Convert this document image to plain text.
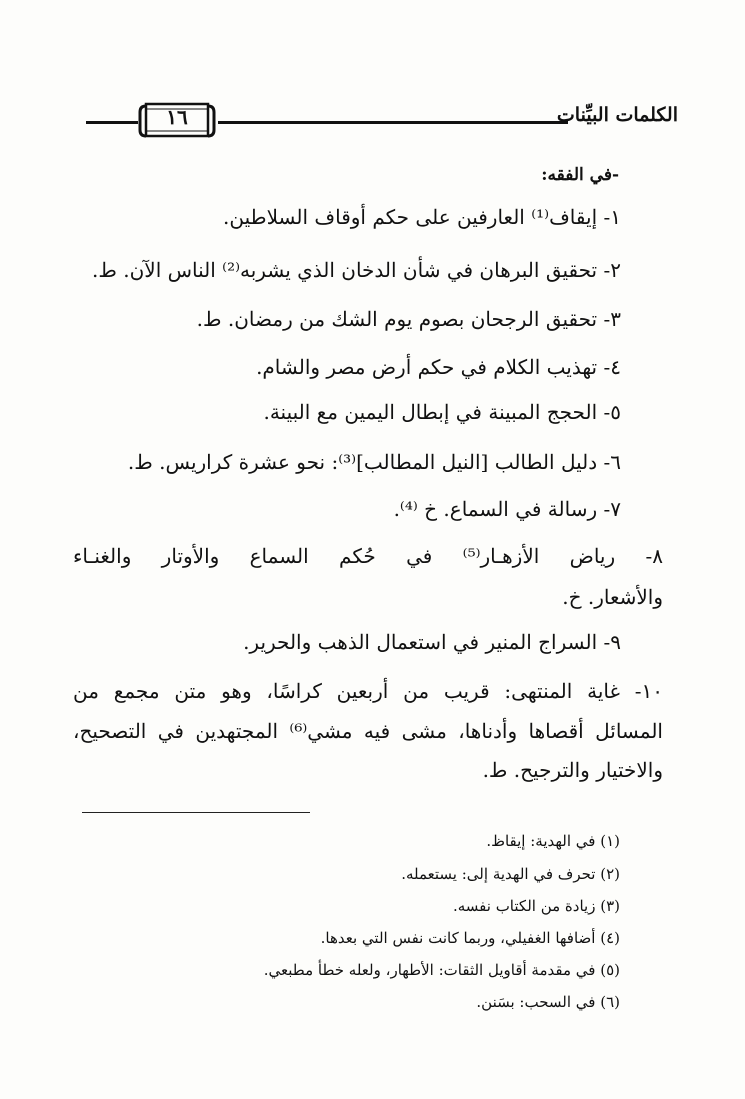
١٦	الكلمات البيِّنات
-في الفقه:
١- إيقاف⁽¹⁾ العارفين على حكم أوقاف السلاطين.
٢- تحقيق البرهان في شأن الدخان الذي يشربه⁽²⁾ الناس الآن. ط.
٣- تحقيق الرجحان بصوم يوم الشك من رمضان. ط.
٤- تهذيب الكلام في حكم أرض مصر والشام.
٥- الحجج المبينة في إبطال اليمين مع البينة.
٦- دليل الطالب [النيل المطالب]⁽³⁾: نحو عشرة كراريس. ط.
٧- رسالة في السماع. خ ⁽⁴⁾.
٨- رياض الأزهـار⁽⁵⁾ في حُكم السماع والأوتار والغنـاء
والأشعار. خ.
٩- السراج المنير في استعمال الذهب والحرير.
١٠- غاية المنتهى: قريب من أربعين كراسًا، وهو متن مجمع من
المسائل أقصاها وأدناها، مشى فيه مشي⁽⁶⁾ المجتهدين في التصحيح،
والاختيار والترجيح. ط.
(١) في الهدية: إيقاظ.
(٢) تحرف في الهدية إلى: يستعمله.
(٣) زيادة من الكتاب نفسه.
(٤) أضافها الغفيلي، وربما كانت نفس التي بعدها.
(٥) في مقدمة أقاويل الثقات: الأطهار، ولعله خطأ مطبعي.
(٦) في السحب: بسَنن.
